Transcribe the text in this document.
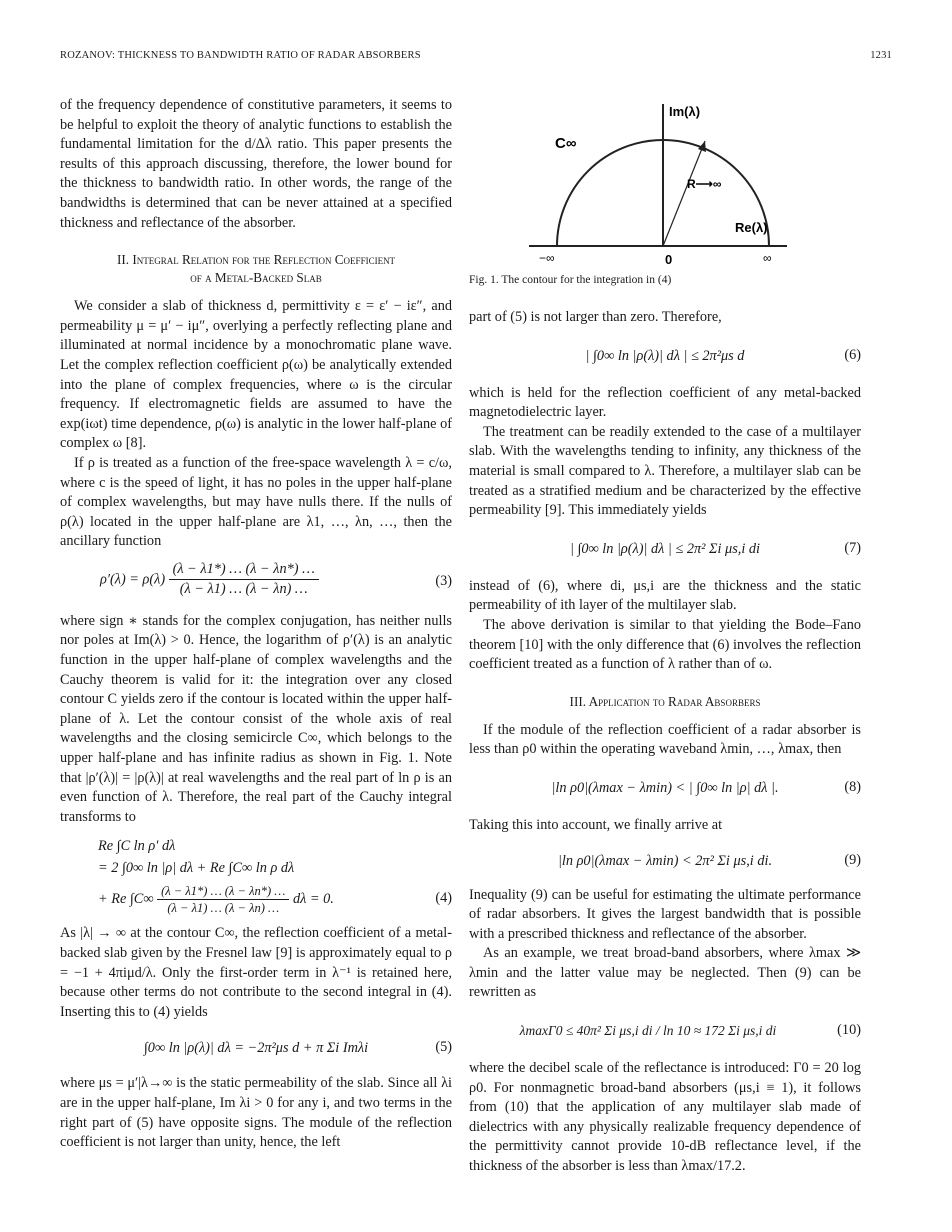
ROZANOV: THICKNESS TO BANDWIDTH RATIO OF RADAR ABSORBERS	1231

of the frequency dependence of constitutive parameters, it seems to be helpful to exploit the theory of analytic functions to establish the fundamental limitation for the d/Δλ ratio. This paper presents the results of this approach discussing, therefore, the lower bound for the thickness to bandwidth ratio. In other words, the range of the bandwidths is determined that can be never attained at a specified thickness and reflectance of the absorber.

II. Integral Relation for the Reflection Coefficient
of a Metal-Backed Slab

We consider a slab of thickness d, permittivity ε = ε′ − iε″, and permeability μ = μ′ − iμ″, overlying a perfectly reflecting plane and illuminated at normal incidence by a monochromatic plane wave. Let the complex reflection coefficient ρ(ω) be analytically extended into the plane of complex frequencies, where ω is the circular frequency. If electromagnetic fields are assumed to have the exp(iωt) time dependence, ρ(ω) is analytic in the lower half-plane of complex ω [8].

If ρ is treated as a function of the free-space wavelength λ = c/ω, where c is the speed of light, it has no poles in the upper half-plane of complex wavelengths, but may have nulls there. If the nulls of ρ(λ) located in the upper half-plane are λ1, …, λn, …, then the ancillary function

$\rho'(\lambda) = \rho(\lambda) \frac{(\lambda - \lambda 1*) \dots (\lambda - \lambda n*) \dots}{(\lambda - \lambda 1) \dots (\lambda - \lambda n) \dots}$	(3)

where sign ∗ stands for the complex conjugation, has neither nulls nor poles at Im(λ) > 0. Hence, the logarithm of ρ′(λ) is an analytic function in the upper half-plane of complex wavelengths and the Cauchy theorem is valid for it: the integration over any closed contour C yields zero if the contour is located within the upper half-plane of λ. Let the contour consist of the whole axis of real wavelengths and the closing semicircle C∞, which belongs to the upper half-plane and has infinite radius as shown in Fig. 1. Note that |ρ′(λ)| = |ρ(λ)| at real wavelengths and the real part of ln ρ is an even function of λ. Therefore, the real part of the Cauchy integral transforms to

Re ∫C ln ρ′ dλ
= 2 ∫0∞ ln |ρ| dλ + Re ∫C∞ ln ρ dλ
+ Re $\int C\infty \frac{(\lambda - \lambda 1*) \dots (\lambda - \lambda n*) \dots}{(\lambda - \lambda 1) \dots (\lambda - \lambda n) \dots}$ dλ = 0.	(4)

As |λ| → ∞ at the contour C∞, the reflection coefficient of a metal-backed slab given by the Fresnel law [9] is approximately equal to ρ = −1 + 4πiμd/λ. Only the first-order term in λ⁻¹ is retained here, because other terms do not contribute to the second integral in (4). Inserting this to (4) yields

∫0∞ ln |ρ(λ)| dλ = −2π²μs d + π Σi Imλi	(5)

where μs = μ′|λ→∞ is the static permeability of the slab. Since all λi are in the upper half-plane, Im λi > 0 for any i, and two terms in the right part of (5) have opposite signs. The module of the reflection coefficient is not larger than unity, hence, the left

Im(λ)
Re(λ)
C∞
R⟶∞
−∞	∞
0
Fig. 1. The contour for the integration in (4)

part of (5) is not larger than zero. Therefore,

| ∫0∞ ln |ρ(λ)| dλ | ≤ 2π²μs d	(6)

which is held for the reflection coefficient of any metal-backed magnetodielectric layer.

The treatment can be readily extended to the case of a multilayer slab. With the wavelengths tending to infinity, any thickness of the material is small compared to λ. Therefore, a multilayer slab can be treated as a stratified medium and be characterized by the effective permeability [9]. This immediately yields

| ∫0∞ ln |ρ(λ)| dλ | ≤ 2π² Σi μs,i di	(7)

instead of (6), where di, μs,i are the thickness and the static permeability of ith layer of the multilayer slab.

The above derivation is similar to that yielding the Bode–Fano theorem [10] with the only difference that (6) involves the reflection coefficient treated as a function of λ rather than of ω.

III. Application to Radar Absorbers

If the module of the reflection coefficient of a radar absorber is less than ρ0 within the operating waveband λmin, …, λmax, then

|ln ρ0|(λmax − λmin) < | ∫0∞ ln |ρ| dλ |.	(8)

Taking this into account, we finally arrive at

|ln ρ0|(λmax − λmin) < 2π² Σi μs,i di.	(9)

Inequality (9) can be useful for estimating the ultimate performance of radar absorbers. It gives the largest bandwidth that is possible with a prescribed thickness and reflectance of the absorber.

As an example, we treat broad-band absorbers, where λmax ≫ λmin and the latter value may be neglected. Then (9) can be rewritten as

λmaxΓ0 ≤ 40π² Σi μs,i di / ln 10 ≈ 172 Σi μs,i di	(10)

where the decibel scale of the reflectance is introduced: Γ0 = 20 log ρ0. For nonmagnetic broad-band absorbers (μs,i ≡ 1), it follows from (10) that the application of any multilayer slab made of dielectrics with any physically realizable frequency dependence of the permittivity cannot provide 10-dB reflectance level, if the thickness of the absorber is less than λmax/17.2.
